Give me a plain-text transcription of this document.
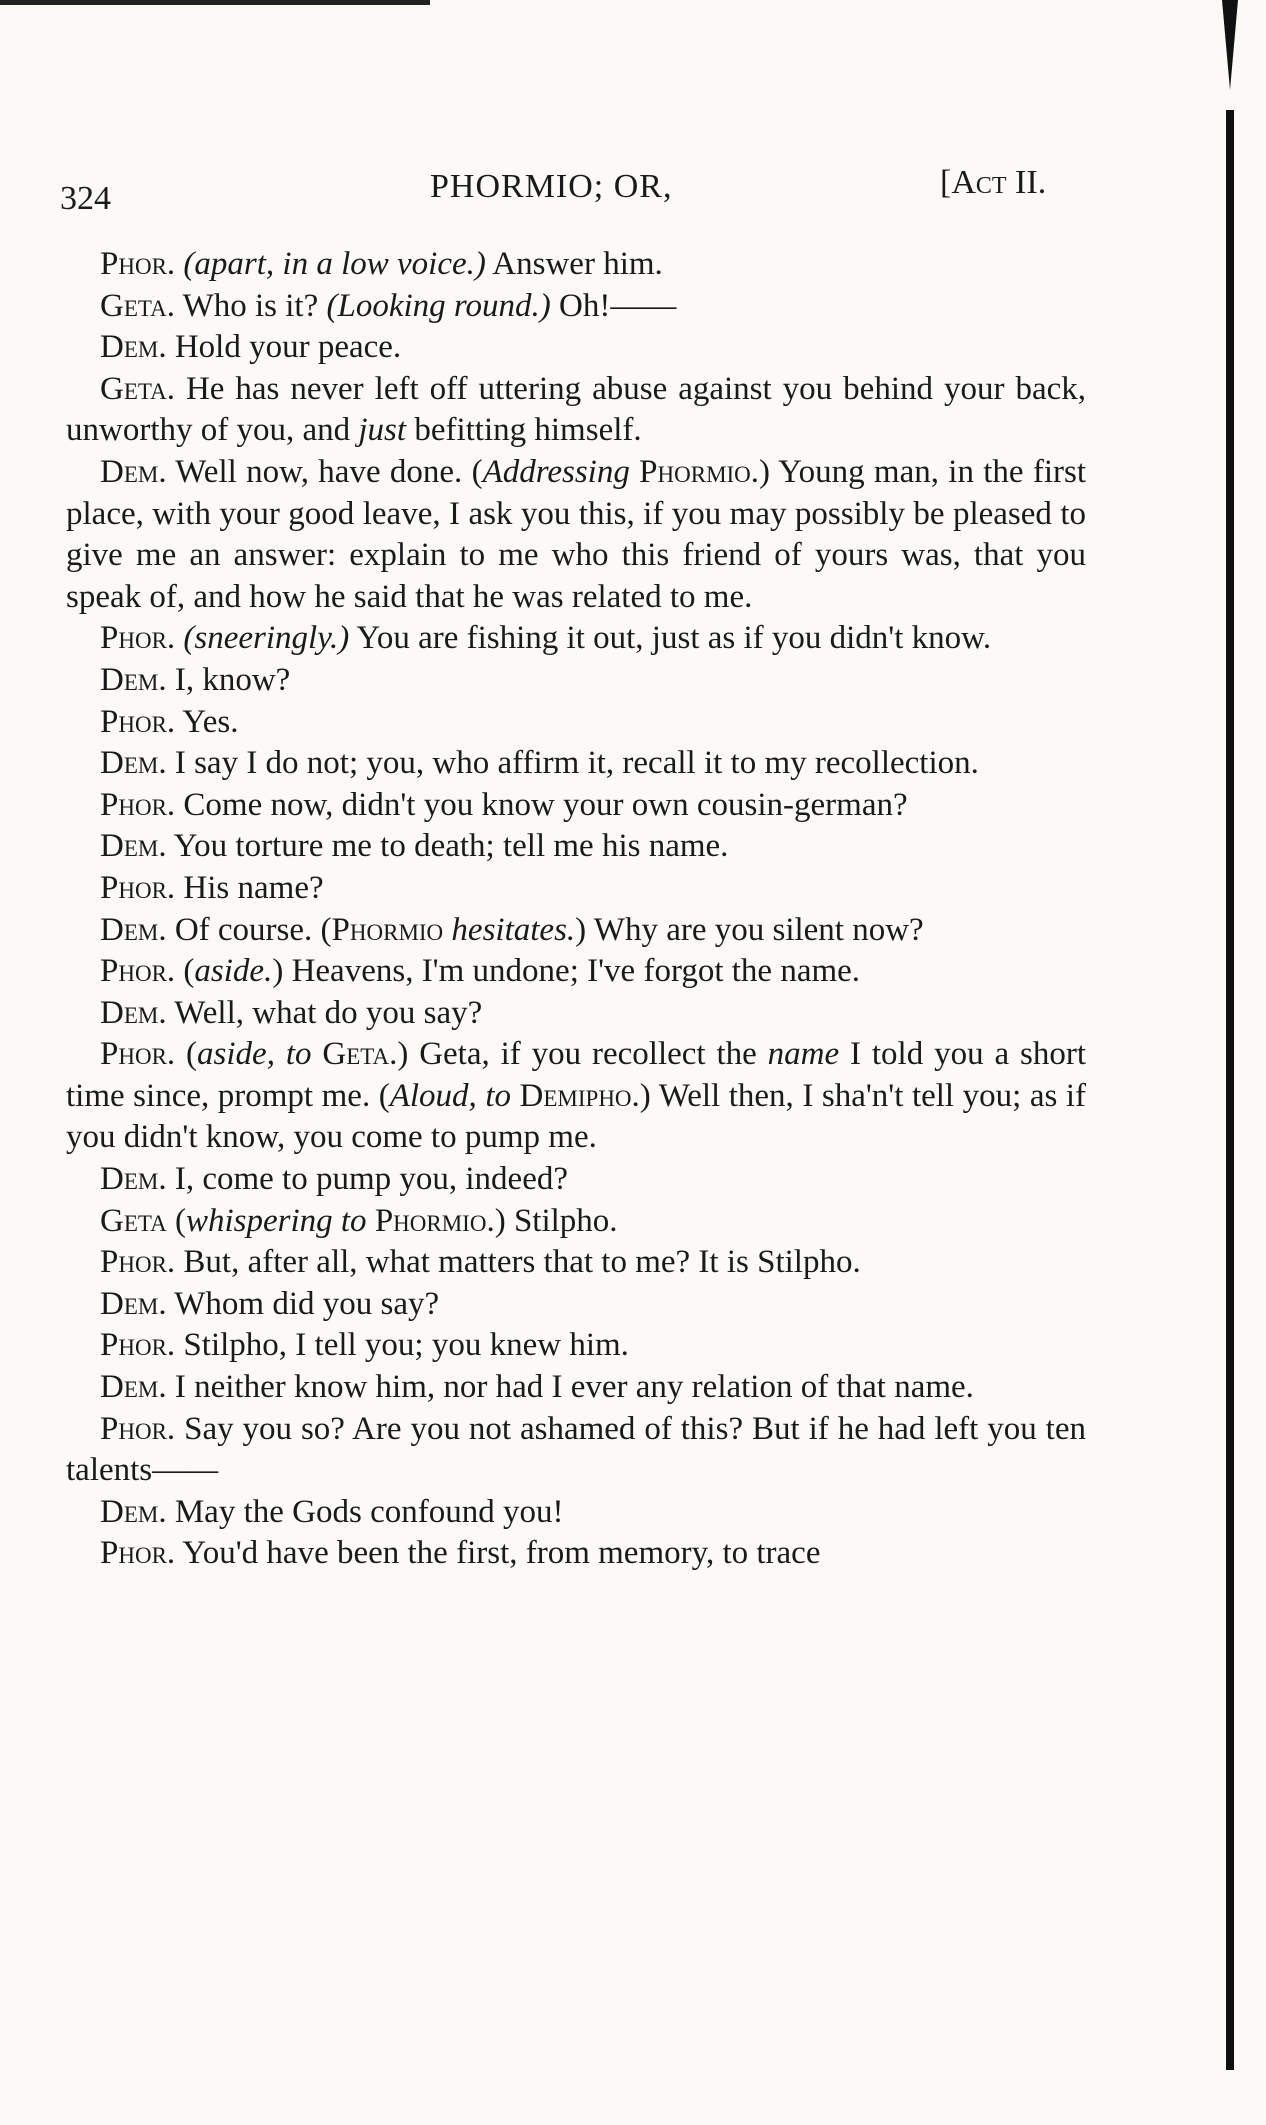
324	PHORMIO; OR,	[Act II.

Phor. (apart, in a low voice.) Answer him.

Geta. Who is it? (Looking round.) Oh!——

Dem. Hold your peace.

Geta. He has never left off uttering abuse against you behind your back, unworthy of you, and just befitting himself.

Dem. Well now, have done. (Addressing Phormio.) Young man, in the first place, with your good leave, I ask you this, if you may possibly be pleased to give me an answer: explain to me who this friend of yours was, that you speak of, and how he said that he was related to me.

Phor. (sneeringly.) You are fishing it out, just as if you didn't know.

Dem. I, know?

Phor. Yes.

Dem. I say I do not; you, who affirm it, recall it to my recollection.

Phor. Come now, didn't you know your own cousin-german?

Dem. You torture me to death; tell me his name.

Phor. His name?

Dem. Of course. (Phormio hesitates.) Why are you silent now?

Phor. (aside.) Heavens, I'm undone; I've forgot the name.

Dem. Well, what do you say?

Phor. (aside, to Geta.) Geta, if you recollect the name I told you a short time since, prompt me. (Aloud, to Demipho.) Well then, I sha'n't tell you; as if you didn't know, you come to pump me.

Dem. I, come to pump you, indeed?

Geta (whispering to Phormio.) Stilpho.

Phor. But, after all, what matters that to me? It is Stilpho.

Dem. Whom did you say?

Phor. Stilpho, I tell you; you knew him.

Dem. I neither know him, nor had I ever any relation of that name.

Phor. Say you so? Are you not ashamed of this? But if he had left you ten talents——

Dem. May the Gods confound you!

Phor. You'd have been the first, from memory, to trace
